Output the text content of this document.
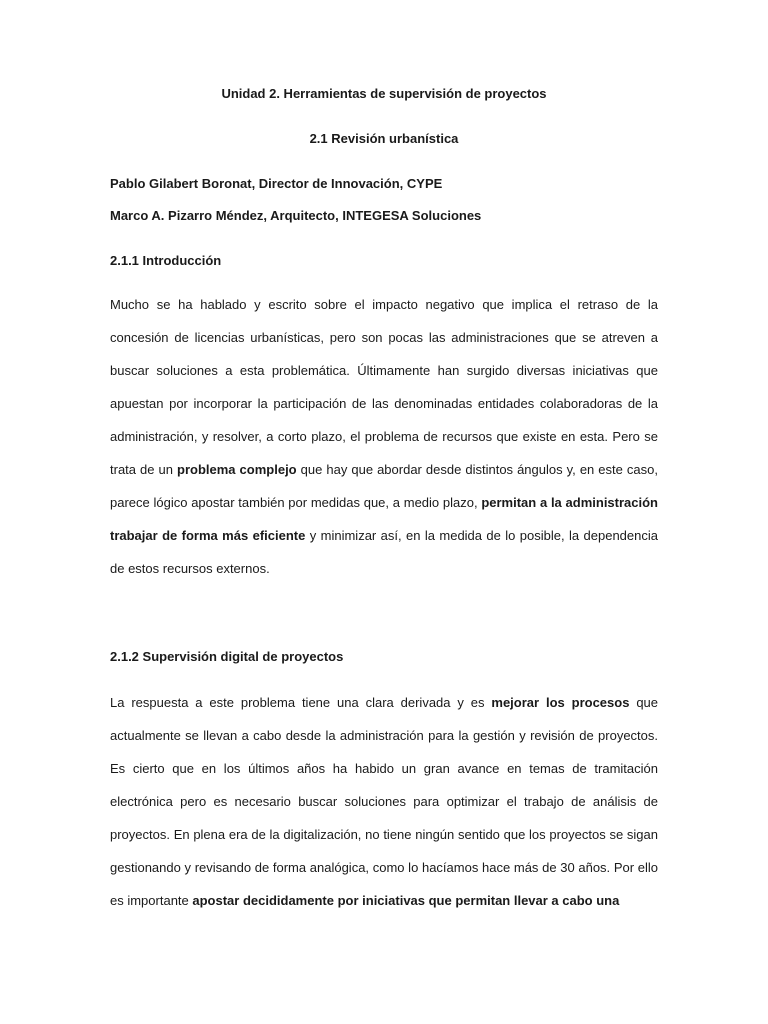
Unidad 2. Herramientas de supervisión de proyectos
2.1 Revisión urbanística
Pablo Gilabert Boronat, Director de Innovación, CYPE
Marco A. Pizarro Méndez, Arquitecto, INTEGESA Soluciones
2.1.1 Introducción

Mucho se ha hablado y escrito sobre el impacto negativo que implica el retraso de la concesión de licencias urbanísticas, pero son pocas las administraciones que se atreven a buscar soluciones a esta problemática. Últimamente han surgido diversas iniciativas que apuestan por incorporar la participación de las denominadas entidades colaboradoras de la administración, y resolver, a corto plazo, el problema de recursos que existe en esta. Pero se trata de un problema complejo que hay que abordar desde distintos ángulos y, en este caso, parece lógico apostar también por medidas que, a medio plazo, permitan a la administración trabajar de forma más eficiente y minimizar así, en la medida de lo posible, la dependencia de estos recursos externos.

2.1.2 Supervisión digital de proyectos

La respuesta a este problema tiene una clara derivada y es mejorar los procesos que actualmente se llevan a cabo desde la administración para la gestión y revisión de proyectos. Es cierto que en los últimos años ha habido un gran avance en temas de tramitación electrónica pero es necesario buscar soluciones para optimizar el trabajo de análisis de proyectos. En plena era de la digitalización, no tiene ningún sentido que los proyectos se sigan gestionando y revisando de forma analógica, como lo hacíamos hace más de 30 años. Por ello es importante apostar decididamente por iniciativas que permitan llevar a cabo una
